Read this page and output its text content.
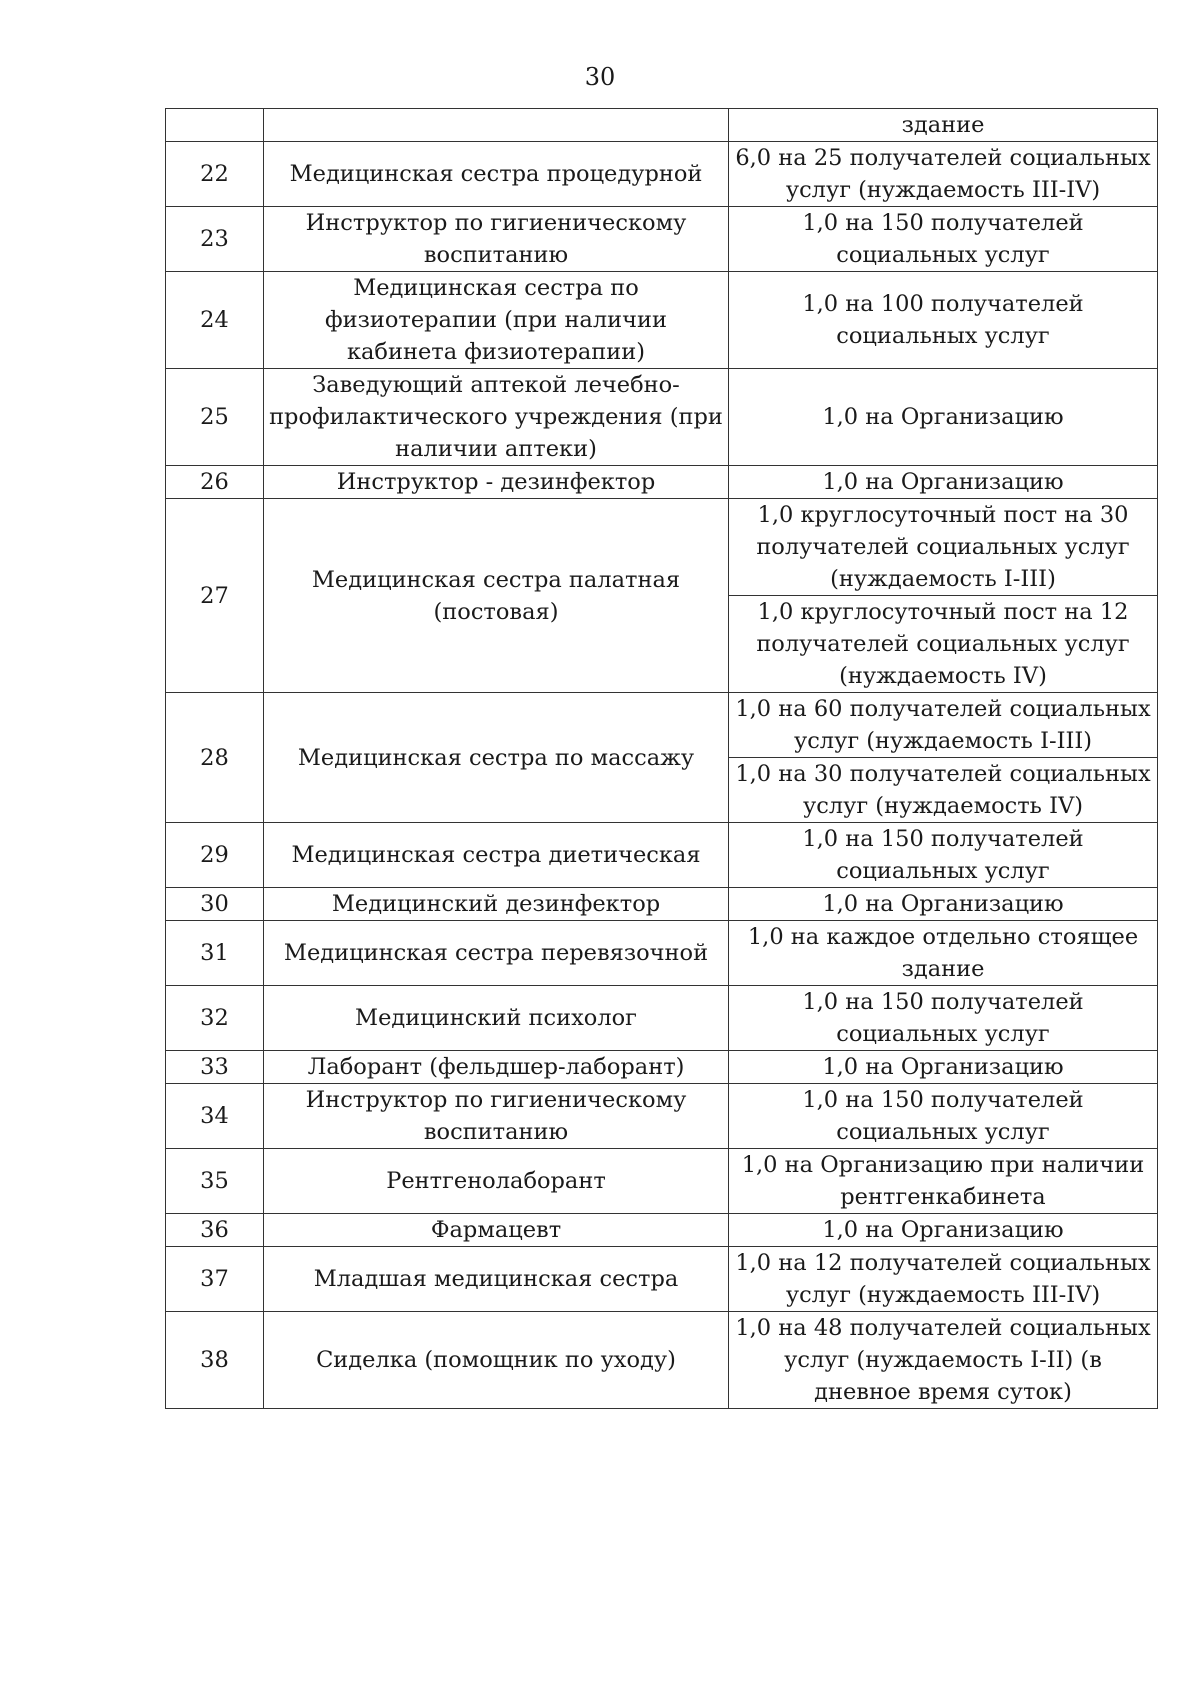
30
		здание
22	Медицинская сестра процедурной	6,0 на 25 получателей социальных услуг (нуждаемость III-IV)
23	Инструктор по гигиеническому воспитанию	1,0 на 150 получателей социальных услуг
24	Медицинская сестра по физиотерапии (при наличии кабинета физиотерапии)	1,0 на 100 получателей социальных услуг
25	Заведующий аптекой лечебно-профилактического учреждения (при наличии аптеки)	1,0 на Организацию
26	Инструктор - дезинфектор	1,0 на Организацию
27	Медицинская сестра палатная (постовая)	1,0 круглосуточный пост на 30 получателей социальных услуг (нуждаемость I-III)
		1,0 круглосуточный пост на 12 получателей социальных услуг (нуждаемость IV)
28	Медицинская сестра по массажу	1,0 на 60 получателей социальных услуг (нуждаемость I-III)
		1,0 на 30 получателей социальных услуг (нуждаемость IV)
29	Медицинская сестра диетическая	1,0 на 150 получателей социальных услуг
30	Медицинский дезинфектор	1,0 на Организацию
31	Медицинская сестра перевязочной	1,0 на каждое отдельно стоящее здание
32	Медицинский психолог	1,0 на 150 получателей социальных услуг
33	Лаборант (фельдшер-лаборант)	1,0 на Организацию
34	Инструктор по гигиеническому воспитанию	1,0 на 150 получателей социальных услуг
35	Рентгенолаборант	1,0 на Организацию при наличии рентгенкабинета
36	Фармацевт	1,0 на Организацию
37	Младшая медицинская сестра	1,0 на 12 получателей социальных услуг (нуждаемость III-IV)
38	Сиделка (помощник по уходу)	1,0 на 48 получателей социальных услуг (нуждаемость I-II) (в дневное время суток)
